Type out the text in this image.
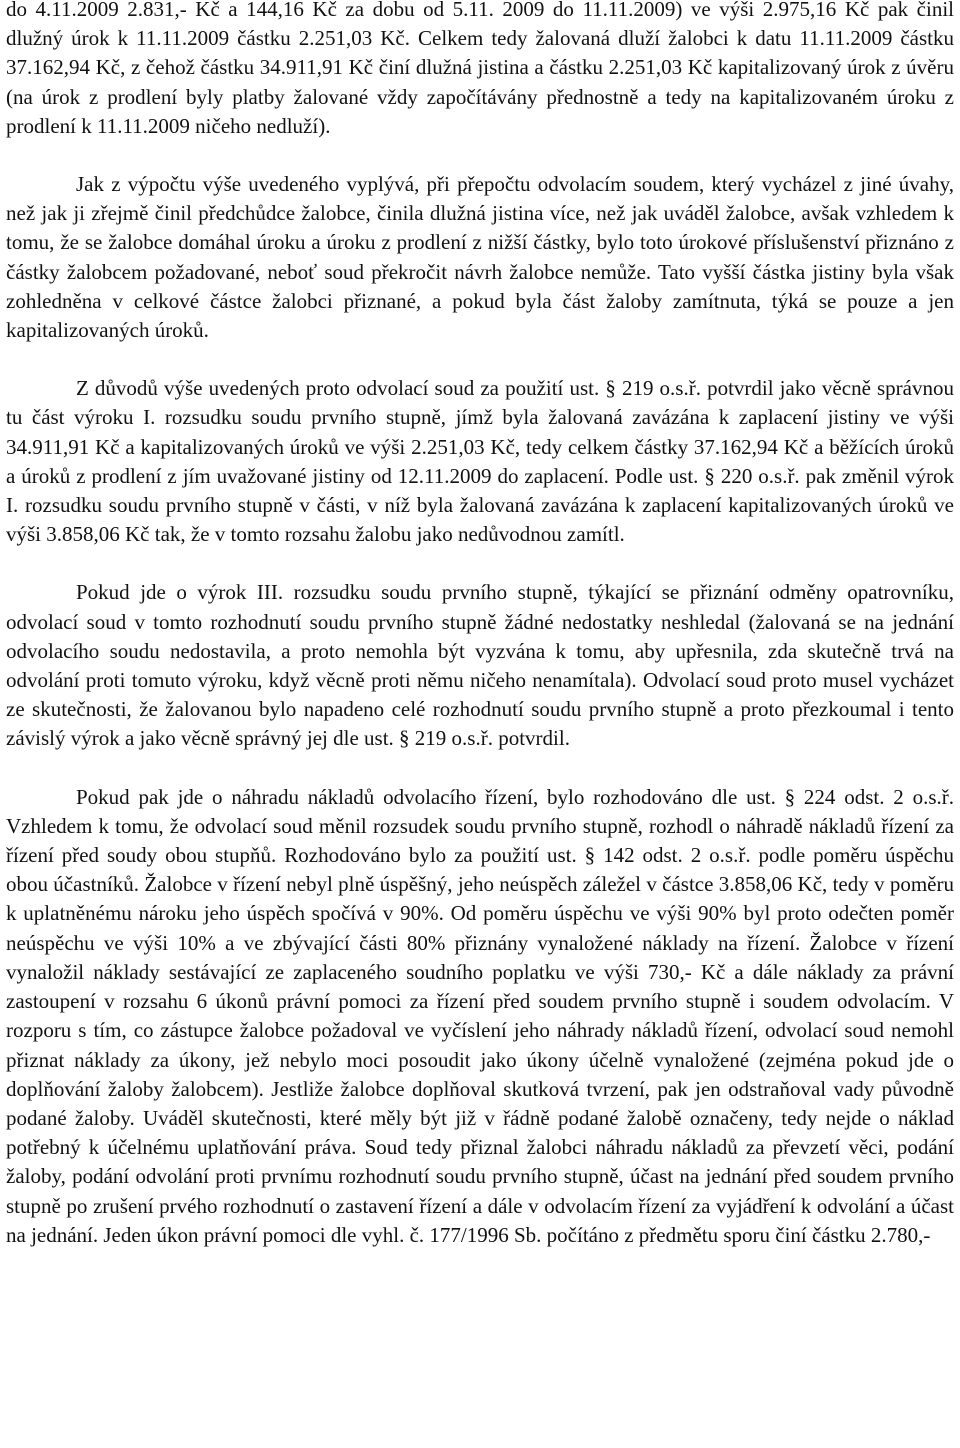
do 4.11.2009 2.831,- Kč a 144,16 Kč za dobu od 5.11. 2009 do 11.11.2009) ve výši 2.975,16 Kč pak činil dlužný úrok k 11.11.2009 částku 2.251,03 Kč. Celkem tedy žalovaná dluží žalobci k datu 11.11.2009 částku 37.162,94 Kč, z čehož částku 34.911,91 Kč činí dlužná jistina a částku 2.251,03 Kč kapitalizovaný úrok z úvěru (na úrok z prodlení byly platby žalované vždy započítávány přednostně a tedy na kapitalizovaném úroku z prodlení k 11.11.2009 ničeho nedluží).

Jak z výpočtu výše uvedeného vyplývá, při přepočtu odvolacím soudem, který vycházel z jiné úvahy, než jak ji zřejmě činil předchůdce žalobce, činila dlužná jistina více, než jak uváděl žalobce, avšak vzhledem k tomu, že se žalobce domáhal úroku a úroku z prodlení z nižší částky, bylo toto úrokové příslušenství přiznáno z částky žalobcem požadované, neboť soud překročit návrh žalobce nemůže. Tato vyšší částka jistiny byla však zohledněna v celkové částce žalobci přiznané, a pokud byla část žaloby zamítnuta, týká se pouze a jen kapitalizovaných úroků.

Z důvodů výše uvedených proto odvolací soud za použití ust. § 219 o.s.ř. potvrdil jako věcně správnou tu část výroku I. rozsudku soudu prvního stupně, jímž byla žalovaná zavázána k zaplacení jistiny ve výši 34.911,91 Kč a kapitalizovaných úroků ve výši 2.251,03 Kč, tedy celkem částky 37.162,94 Kč a běžících úroků a úroků z prodlení z jím uvažované jistiny od 12.11.2009 do zaplacení. Podle ust. § 220 o.s.ř. pak změnil výrok I. rozsudku soudu prvního stupně v části, v níž byla žalovaná zavázána k zaplacení kapitalizovaných úroků ve výši 3.858,06 Kč tak, že v tomto rozsahu žalobu jako nedůvodnou zamítl.

Pokud jde o výrok III. rozsudku soudu prvního stupně, týkající se přiznání odměny opatrovníku, odvolací soud v tomto rozhodnutí soudu prvního stupně žádné nedostatky neshledal (žalovaná se na jednání odvolacího soudu nedostavila, a proto nemohla být vyzvána k tomu, aby upřesnila, zda skutečně trvá na odvolání proti tomuto výroku, když věcně proti němu ničeho nenamítala). Odvolací soud proto musel vycházet ze skutečnosti, že žalovanou bylo napadeno celé rozhodnutí soudu prvního stupně a proto přezkoumal i tento závislý výrok a jako věcně správný jej dle ust. § 219 o.s.ř. potvrdil.

Pokud pak jde o náhradu nákladů odvolacího řízení, bylo rozhodováno dle ust. § 224 odst. 2 o.s.ř. Vzhledem k tomu, že odvolací soud měnil rozsudek soudu prvního stupně, rozhodl o náhradě nákladů řízení za řízení před soudy obou stupňů. Rozhodováno bylo za použití ust. § 142 odst. 2 o.s.ř. podle poměru úspěchu obou účastníků. Žalobce v řízení nebyl plně úspěšný, jeho neúspěch záležel v částce 3.858,06 Kč, tedy v poměru k uplatněnému nároku jeho úspěch spočívá v 90%. Od poměru úspěchu ve výši 90% byl proto odečten poměr neúspěchu ve výši 10% a ve zbývající části 80% přiznány vynaložené náklady na řízení. Žalobce v řízení vynaložil náklady sestávající ze zaplaceného soudního poplatku ve výši 730,- Kč a dále náklady za právní zastoupení v rozsahu 6 úkonů právní pomoci za řízení před soudem prvního stupně i soudem odvolacím. V rozporu s tím, co zástupce žalobce požadoval ve vyčíslení jeho náhrady nákladů řízení, odvolací soud nemohl přiznat náklady za úkony, jež nebylo moci posoudit jako úkony účelně vynaložené (zejména pokud jde o doplňování žaloby žalobcem). Jestliže žalobce doplňoval skutková tvrzení, pak jen odstraňoval vady původně podané žaloby. Uváděl skutečnosti, které měly být již v řádně podané žalobě označeny, tedy nejde o náklad potřebný k účelnému uplatňování práva. Soud tedy přiznal žalobci náhradu nákladů za převzetí věci, podání žaloby, podání odvolání proti prvnímu rozhodnutí soudu prvního stupně, účast na jednání před soudem prvního stupně po zrušení prvého rozhodnutí o zastavení řízení a dále v odvolacím řízení za vyjádření k odvolání a účast na jednání. Jeden úkon právní pomoci dle vyhl. č. 177/1996 Sb. počítáno z předmětu sporu činí částku 2.780,-
